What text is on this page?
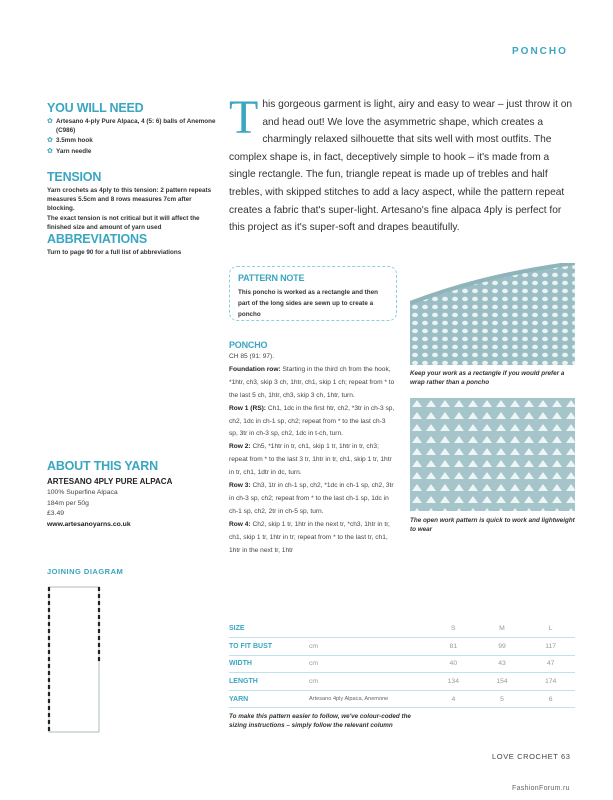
PONCHO
YOU WILL NEED
✿ Artesano 4-ply Pure Alpaca, 4 (5: 6) balls of Anemone (C986)
✿ 3.5mm hook
✿ Yarn needle
TENSION

Yarn crochets as 4ply to this tension: 2 pattern repeats measures 5.5cm and 8 rows measures 7cm after blocking.

The exact tension is not critical but it will affect the finished size and amount of yarn used

ABBREVIATIONS

Turn to page 90 for a full list of abbreviations

This gorgeous garment is light, airy and easy to wear – just throw it on and head out! We love the asymmetric shape, which creates a charmingly relaxed silhouette that sits well with most outfits. The complex shape is, in fact, deceptively simple to hook – it's made from a single rectangle. The fun, triangle repeat is made up of trebles and half trebles, with skipped stitches to add a lacy aspect, while the pattern repeat creates a fabric that's super-light. Artesano's fine alpaca 4ply is perfect for this project as it's super-soft and drapes beautifully.
PATTERN NOTE

This poncho is worked as a rectangle and then part of the long sides are sewn up to create a poncho

PONCHO

CH 85 (91: 97).

Foundation row: Starting in the third ch from the hook, *1htr, ch3, skip 3 ch, 1htr, ch1, skip 1 ch; repeat from * to the last 5 ch, 1htr, ch3, skip 3 ch, 1htr, turn.

Row 1 (RS): Ch1, 1dc in the first htr, ch2, *3tr in ch-3 sp, ch2, 1dc in ch-1 sp, ch2; repeat from * to the last ch-3 sp, 3tr in ch-3 sp, ch2, 1dc in t-ch, turn.

Row 2: Ch5, *1htr in tr, ch1, skip 1 tr, 1htr in tr, ch3; repeat from * to the last 3 tr, 1htr in tr, ch1, skip 1 tr, 1htr in tr, ch1, 1dtr in dc, turn.

Row 3: Ch3, 1tr in ch-1 sp, ch2, *1dc in ch-1 sp, ch2, 3tr in ch-3 sp, ch2; repeat from * to the last ch-1 sp, 1dc in ch-1 sp, ch2, 2tr in ch-5 sp, turn.

Row 4: Ch2, skip 1 tr, 1htr in the next tr, *ch3, 1htr in tr, ch1, skip 1 tr, 1htr in tr; repeat from * to the last tr, ch1, 1htr in the next tr, 1htr

Keep your work as a rectangle if you would prefer a wrap rather than a poncho

The open work pattern is quick to work and lightweight to wear

ABOUT THIS YARN

ARTESANO 4PLY PURE ALPACA

100% Superfine Alpaca

184m per 50g

£3.49

www.artesanoyarns.co.uk

JOINING DIAGRAM
SIZE		S	M	L
TO FIT BUST	cm	81	99	117
WIDTH	cm	40	43	47
LENGTH	cm	134	154	174
YARN	Artesano 4ply Alpaca, Anemone	4	5	6

To make this pattern easier to follow, we've colour-coded the sizing instructions – simply follow the relevant column

LOVE CROCHET 63
FashionForum.ru
